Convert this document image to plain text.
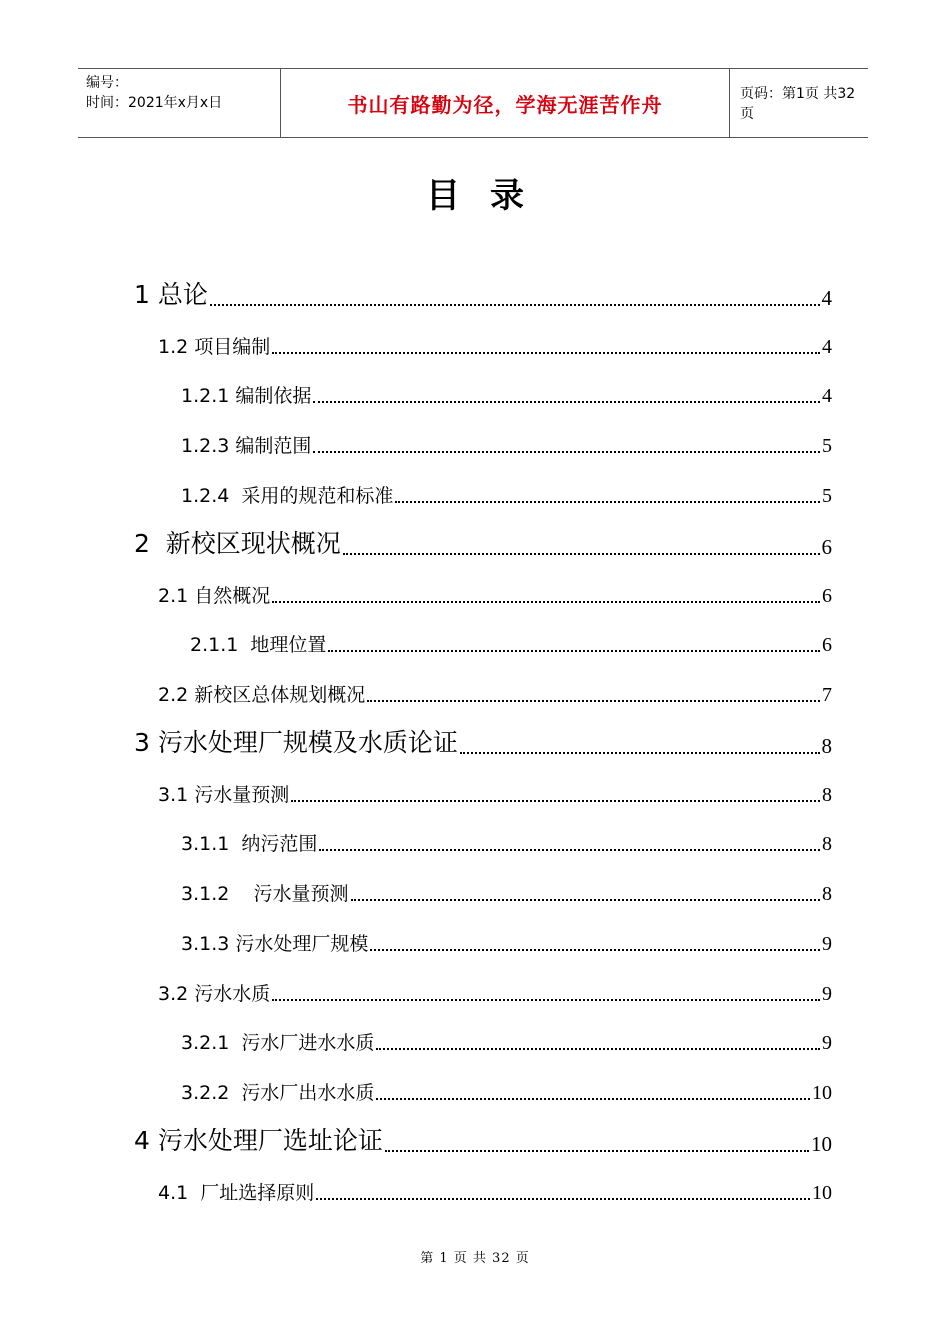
编号：
时间：2021年x月x日	书山有路勤为径，学海无涯苦作舟	页码：第1页 共32页
目录
1 总论	4
1.2 项目编制	4
1.2.1 编制依据	4
1.2.3 编制范围	5
1.2.4  采用的规范和标准	5
2  新校区现状概况	6
2.1 自然概况	6
2.1.1  地理位置	6
2.2 新校区总体规划概况	7
3 污水处理厂规模及水质论证	8
3.1 污水量预测	8
3.1.1  纳污范围	8
3.1.2    污水量预测	8
3.1.3 污水处理厂规模	9
3.2 污水水质	9
3.2.1  污水厂进水水质	9
3.2.2  污水厂出水水质	10
4 污水处理厂选址论证	10
4.1  厂址选择原则	10
第 1 页 共 32 页
